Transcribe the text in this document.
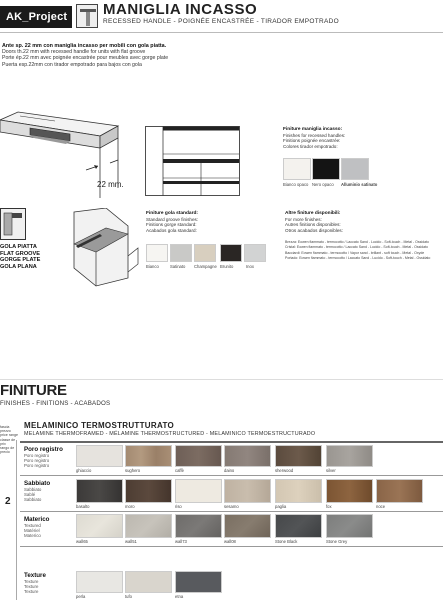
AK_Project	MANIGLIA INCASSO
RECESSED HANDLE - POIGNÉE ENCASTRÉE - TIRADOR EMPOTRADO
Ante sp. 22 mm con maniglia incasso per mobili con gola piatta.
Doors th.22 mm with recessed handle for units with flat groove
Porte ép.22 mm avec poignée encastrée pour meubles avec gorge plate
Puerta esp.22mm con tirador empotrado para bajos con gola
22 mm.
Finiture maniglia incasso:
Finishes for recessed handles:
Finitions poignée encastrée:
Colores tirador empotrado:
Bianco opaco Nero opaco Alluminio satinato
GOLA PIATTA
FLAT GROOVE
GORGE PLATE
GOLA PLANA
Finiture gola standard:
Standard groove finishes:
Finitions gorge standard:
Acabados gola standard:
Bianco	Satinato Champagne Brunito	Inox
Altre finiture disponibili:
For more finishes:
Autres finitions disponibles:
Otros acabados disponibles:
Brezza: Eowen fiammato - termocotto / Laccato Sand - Lucido - Soft-touch - Metal - Ossidato
Cristal: Eowen fiammato - termocotto / Laccato Sand - Lucido - Soft-touch - Metal - Ossidato
Bacciardi: Eowen fiammato - termocotto / Vapor sand - brillant - soft touch - Metal - Oxyde
Portado: Eowen fiammato - termocotto / Laccato Sand - Lucido - Soft-touch - Metal - Ossidato
FINITURE
FINISHES - FINITIONS - ACABADOS
fascia prezzo
price range
classe de prix
rango de precio
2
MELAMINICO TERMOSTRUTTURATO
MELAMINE THERMOFRAMED - MÉLAMINE THERMOSTRUCTURED - MELAMINICO TERMOESTRUCTURADO
Poro registro
Poro registro
Poro registro
Poro registro
ghiaccio	sughero	caffè	daino	sherwood	silver
Sabbiato
Sabbiato
Sablé
Sabbiato
basalto	moro	riso	sesamo	paglia	fox	noce
Materico
Textured
Matériel
Materico
wall65	wall51	wall73	wall08	Stone Black	Stone Grey
Texture
Texture
Texture
Texture
perla	tufo	etna
